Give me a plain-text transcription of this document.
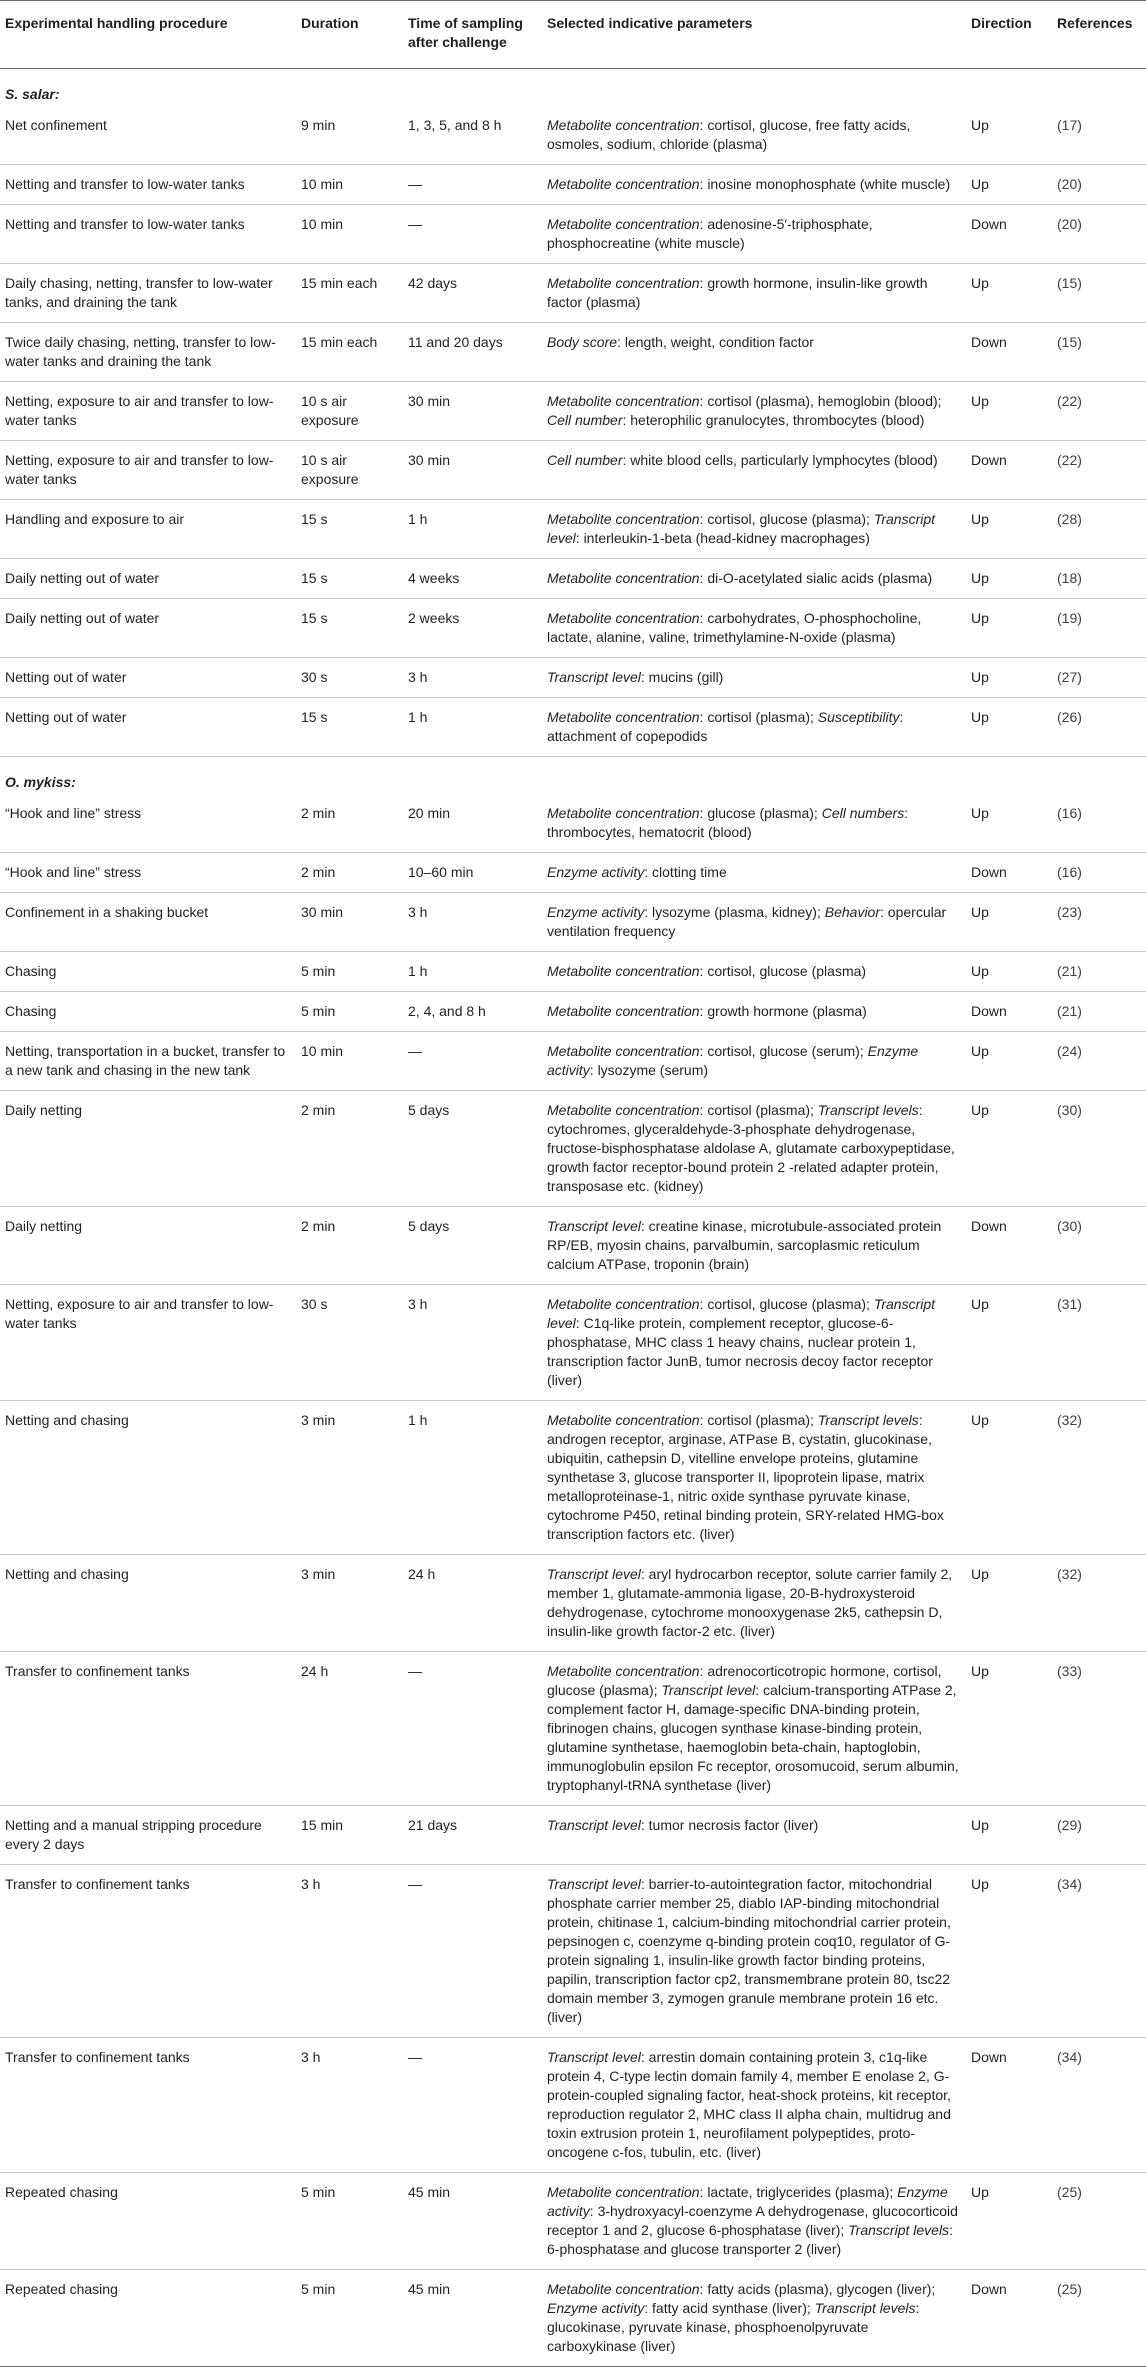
Experimental handling procedure	Duration	Time of sampling after challenge	Selected indicative parameters	Direction	References
S. salar:					
Net confinement	9 min	1, 3, 5, and 8 h	Metabolite concentration: cortisol, glucose, free fatty acids, osmoles, sodium, chloride (plasma)	Up	(17)
Netting and transfer to low-water tanks	10 min	—	Metabolite concentration: inosine monophosphate (white muscle)	Up	(20)
Netting and transfer to low-water tanks	10 min	—	Metabolite concentration: adenosine-5′-triphosphate, phosphocreatine (white muscle)	Down	(20)
Daily chasing, netting, transfer to low-water tanks, and draining the tank	15 min each	42 days	Metabolite concentration: growth hormone, insulin-like growth factor (plasma)	Up	(15)
Twice daily chasing, netting, transfer to low-water tanks and draining the tank	15 min each	11 and 20 days	Body score: length, weight, condition factor	Down	(15)
Netting, exposure to air and transfer to low-water tanks	10 s air exposure	30 min	Metabolite concentration: cortisol (plasma), hemoglobin (blood); Cell number: heterophilic granulocytes, thrombocytes (blood)	Up	(22)
Netting, exposure to air and transfer to low-water tanks	10 s air exposure	30 min	Cell number: white blood cells, particularly lymphocytes (blood)	Down	(22)
Handling and exposure to air	15 s	1 h	Metabolite concentration: cortisol, glucose (plasma); Transcript level: interleukin-1-beta (head-kidney macrophages)	Up	(28)
Daily netting out of water	15 s	4 weeks	Metabolite concentration: di-O-acetylated sialic acids (plasma)	Up	(18)
Daily netting out of water	15 s	2 weeks	Metabolite concentration: carbohydrates, O-phosphocholine, lactate, alanine, valine, trimethylamine-N-oxide (plasma)	Up	(19)
Netting out of water	30 s	3 h	Transcript level: mucins (gill)	Up	(27)
Netting out of water	15 s	1 h	Metabolite concentration: cortisol (plasma); Susceptibility: attachment of copepodids	Up	(26)
O. mykiss:					
“Hook and line” stress	2 min	20 min	Metabolite concentration: glucose (plasma); Cell numbers: thrombocytes, hematocrit (blood)	Up	(16)
“Hook and line” stress	2 min	10–60 min	Enzyme activity: clotting time	Down	(16)
Confinement in a shaking bucket	30 min	3 h	Enzyme activity: lysozyme (plasma, kidney); Behavior: opercular ventilation frequency	Up	(23)
Chasing	5 min	1 h	Metabolite concentration: cortisol, glucose (plasma)	Up	(21)
Chasing	5 min	2, 4, and 8 h	Metabolite concentration: growth hormone (plasma)	Down	(21)
Netting, transportation in a bucket, transfer to a new tank and chasing in the new tank	10 min	—	Metabolite concentration: cortisol, glucose (serum); Enzyme activity: lysozyme (serum)	Up	(24)
Daily netting	2 min	5 days	Metabolite concentration: cortisol (plasma); Transcript levels: cytochromes, glyceraldehyde-3-phosphate dehydrogenase, fructose-bisphosphatase aldolase A, glutamate carboxypeptidase, growth factor receptor-bound protein 2 -related adapter protein, transposase etc. (kidney)	Up	(30)
Daily netting	2 min	5 days	Transcript level: creatine kinase, microtubule-associated protein RP/EB, myosin chains, parvalbumin, sarcoplasmic reticulum calcium ATPase, troponin (brain)	Down	(30)
Netting, exposure to air and transfer to low-water tanks	30 s	3 h	Metabolite concentration: cortisol, glucose (plasma); Transcript level: C1q-like protein, complement receptor, glucose-6-phosphatase, MHC class 1 heavy chains, nuclear protein 1, transcription factor JunB, tumor necrosis decoy factor receptor (liver)	Up	(31)
Netting and chasing	3 min	1 h	Metabolite concentration: cortisol (plasma); Transcript levels: androgen receptor, arginase, ATPase B, cystatin, glucokinase, ubiquitin, cathepsin D, vitelline envelope proteins, glutamine synthetase 3, glucose transporter II, lipoprotein lipase, matrix metalloproteinase-1, nitric oxide synthase pyruvate kinase, cytochrome P450, retinal binding protein, SRY-related HMG-box transcription factors etc. (liver)	Up	(32)
Netting and chasing	3 min	24 h	Transcript level: aryl hydrocarbon receptor, solute carrier family 2, member 1, glutamate-ammonia ligase, 20-B-hydroxysteroid dehydrogenase, cytochrome monooxygenase 2k5, cathepsin D, insulin-like growth factor-2 etc. (liver)	Up	(32)
Transfer to confinement tanks	24 h	—	Metabolite concentration: adrenocorticotropic hormone, cortisol, glucose (plasma); Transcript level: calcium-transporting ATPase 2, complement factor H, damage-specific DNA-binding protein, fibrinogen chains, glucogen synthase kinase-binding protein, glutamine synthetase, haemoglobin beta-chain, haptoglobin, immunoglobulin epsilon Fc receptor, orosomucoid, serum albumin, tryptophanyl-tRNA synthetase (liver)	Up	(33)
Netting and a manual stripping procedure every 2 days	15 min	21 days	Transcript level: tumor necrosis factor (liver)	Up	(29)
Transfer to confinement tanks	3 h	—	Transcript level: barrier-to-autointegration factor, mitochondrial phosphate carrier member 25, diablo IAP-binding mitochondrial protein, chitinase 1, calcium-binding mitochondrial carrier protein, pepsinogen c, coenzyme q-binding protein coq10, regulator of G-protein signaling 1, insulin-like growth factor binding proteins, papilin, transcription factor cp2, transmembrane protein 80, tsc22 domain member 3, zymogen granule membrane protein 16 etc. (liver)	Up	(34)
Transfer to confinement tanks	3 h	—	Transcript level: arrestin domain containing protein 3, c1q-like protein 4, C-type lectin domain family 4, member E enolase 2, G-protein-coupled signaling factor, heat-shock proteins, kit receptor, reproduction regulator 2, MHC class II alpha chain, multidrug and toxin extrusion protein 1, neurofilament polypeptides, proto-oncogene c-fos, tubulin, etc. (liver)	Down	(34)
Repeated chasing	5 min	45 min	Metabolite concentration: lactate, triglycerides (plasma); Enzyme activity: 3-hydroxyacyl-coenzyme A dehydrogenase, glucocorticoid receptor 1 and 2, glucose 6-phosphatase (liver); Transcript levels: 6-phosphatase and glucose transporter 2 (liver)	Up	(25)
Repeated chasing	5 min	45 min	Metabolite concentration: fatty acids (plasma), glycogen (liver); Enzyme activity: fatty acid synthase (liver); Transcript levels: glucokinase, pyruvate kinase, phosphoenolpyruvate carboxykinase (liver)	Down	(25)
